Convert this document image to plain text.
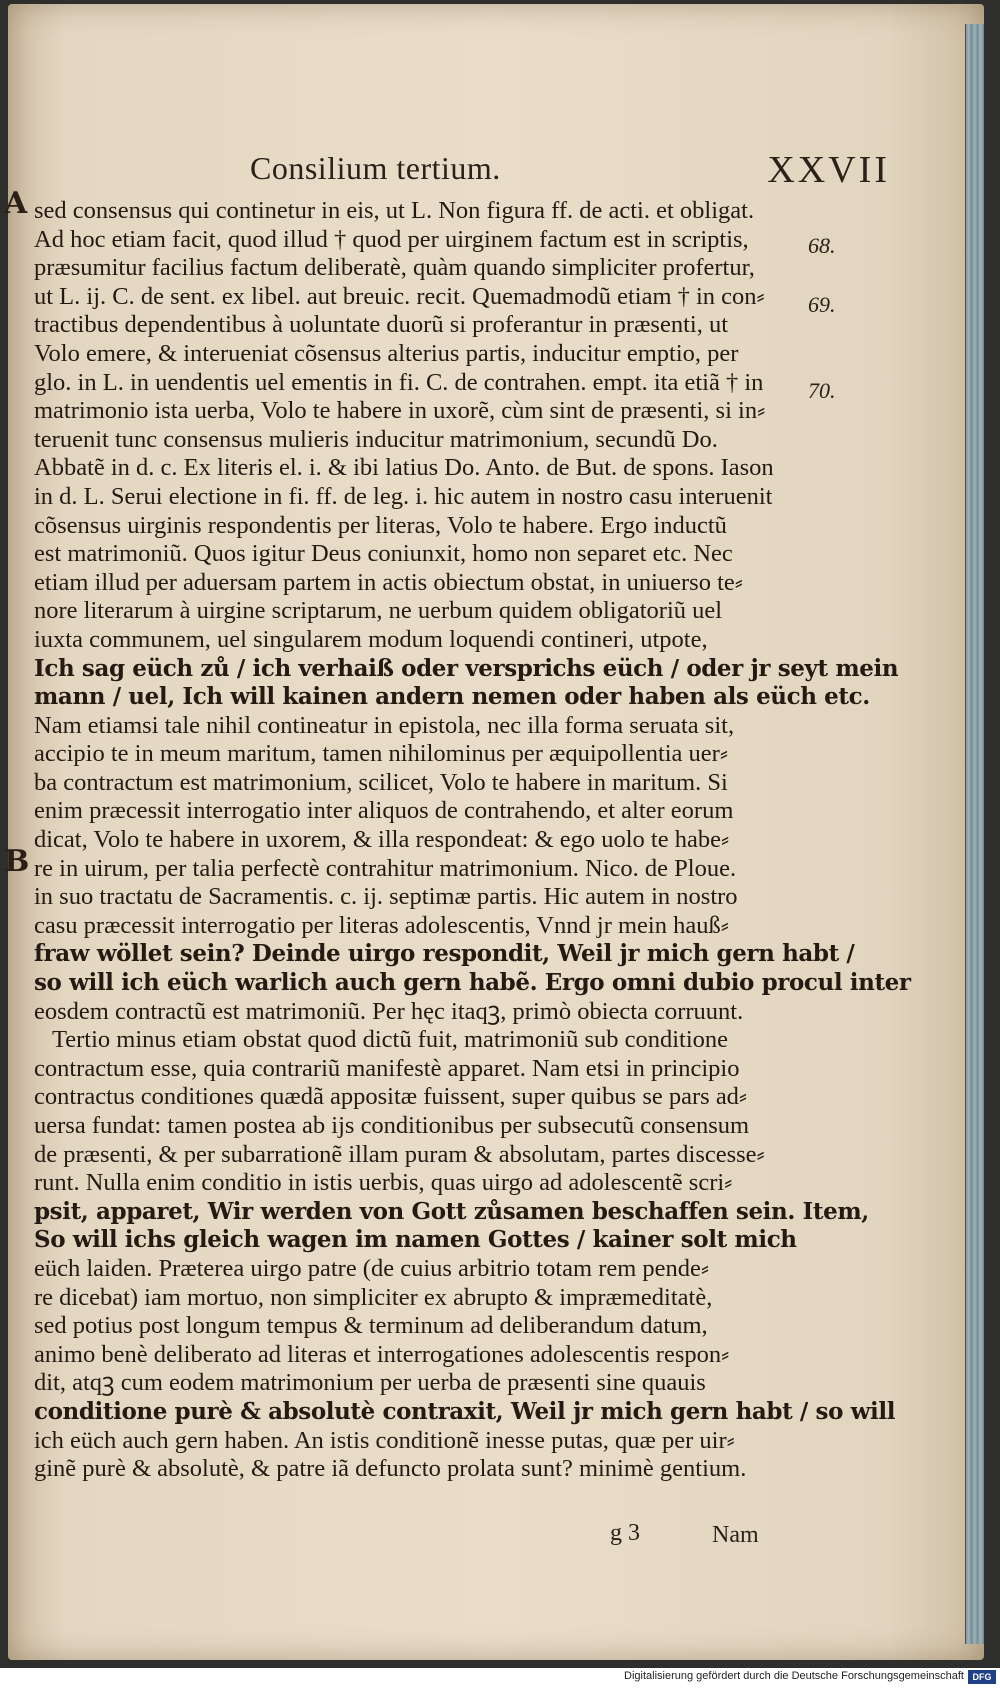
Consilium tertium.	XXVII
A
B
68.
69.
70.
sed consensus qui continetur in eis, ut L. Non figura ff. de acti. et obligat.
Ad hoc etiam facit, quod illud † quod per uirginem factum est in scriptis,
præsumitur facilius factum deliberatè, quàm quando simpliciter profertur,
ut L. ij. C. de sent. ex libel. aut breuic. recit. Quemadmodũ etiam † in con⸗
tractibus dependentibus à uoluntate duorũ si proferantur in præsenti, ut
Volo emere, & interueniat cõsensus alterius partis, inducitur emptio, per
glo. in L. in uendentis uel ementis in fi. C. de contrahen. empt. ita etiã † in
matrimonio ista uerba, Volo te habere in uxorẽ, cùm sint de præsenti, si in⸗
teruenit tunc consensus mulieris inducitur matrimonium, secundũ Do.
Abbatẽ in d. c. Ex literis el. i. & ibi latius Do. Anto. de But. de spons. Iason
in d. L. Serui electione in fi. ff. de leg. i. hic autem in nostro casu interuenit
cõsensus uirginis respondentis per literas, Volo te habere. Ergo inductũ
est matrimoniũ. Quos igitur Deus coniunxit, homo non separet etc. Nec
etiam illud per aduersam partem in actis obiectum obstat, in uniuerso te⸗
nore literarum à uirgine scriptarum, ne uerbum quidem obligatoriũ uel
iuxta communem, uel singularem modum loquendi contineri, utpote,
Ich sag eüch zů / ich verhaiß oder versprichs eüch / oder jr seyt mein
mann / uel, Ich will kainen andern nemen oder haben als eüch etc.
Nam etiamsi tale nihil contineatur in epistola, nec illa forma seruata sit,
accipio te in meum maritum, tamen nihilominus per æquipollentia uer⸗
ba contractum est matrimonium, scilicet, Volo te habere in maritum. Si
enim præcessit interrogatio inter aliquos de contrahendo, et alter eorum
dicat, Volo te habere in uxorem, & illa respondeat: & ego uolo te habe⸗
re in uirum, per talia perfectè contrahitur matrimonium. Nico. de Ploue.
in suo tractatu de Sacramentis. c. ij. septimæ partis. Hic autem in nostro
casu præcessit interrogatio per literas adolescentis, Vnnd jr mein hauß⸗
fraw wöllet sein? Deinde uirgo respondit, Weil jr mich gern habt /
so will ich eüch warlich auch gern habẽ. Ergo omni dubio procul inter
eosdem contractũ est matrimoniũ. Per hęc itaqꝫ, primò obiecta corruunt.
Tertio minus etiam obstat quod dictũ fuit, matrimoniũ sub conditione
contractum esse, quia contrariũ manifestè apparet. Nam etsi in principio
contractus conditiones quædã appositæ fuissent, super quibus se pars ad⸗
uersa fundat: tamen postea ab ijs conditionibus per subsecutũ consensum
de præsenti, & per subarrationẽ illam puram & absolutam, partes discesse⸗
runt. Nulla enim conditio in istis uerbis, quas uirgo ad adolescentẽ scri⸗
psit, apparet, Wir werden von Gott zůsamen beschaffen sein. Item,
So will ichs gleich wagen im namen Gottes / kainer solt mich
eüch laiden. Præterea uirgo patre (de cuius arbitrio totam rem pende⸗
re dicebat) iam mortuo, non simpliciter ex abrupto & impræmeditatè,
sed potius post longum tempus & terminum ad deliberandum datum,
animo benè deliberato ad literas et interrogationes adolescentis respon⸗
dit, atqꝫ cum eodem matrimonium per uerba de præsenti sine quauis
conditione purè & absolutè contraxit, Weil jr mich gern habt / so will
ich eüch auch gern haben. An istis conditionẽ inesse putas, quæ per uir⸗
ginẽ purè & absolutè, & patre iã defuncto prolata sunt? minimè gentium.
g 3	Nam
Digitalisierung gefördert durch die Deutsche Forschungsgemeinschaft DFG
